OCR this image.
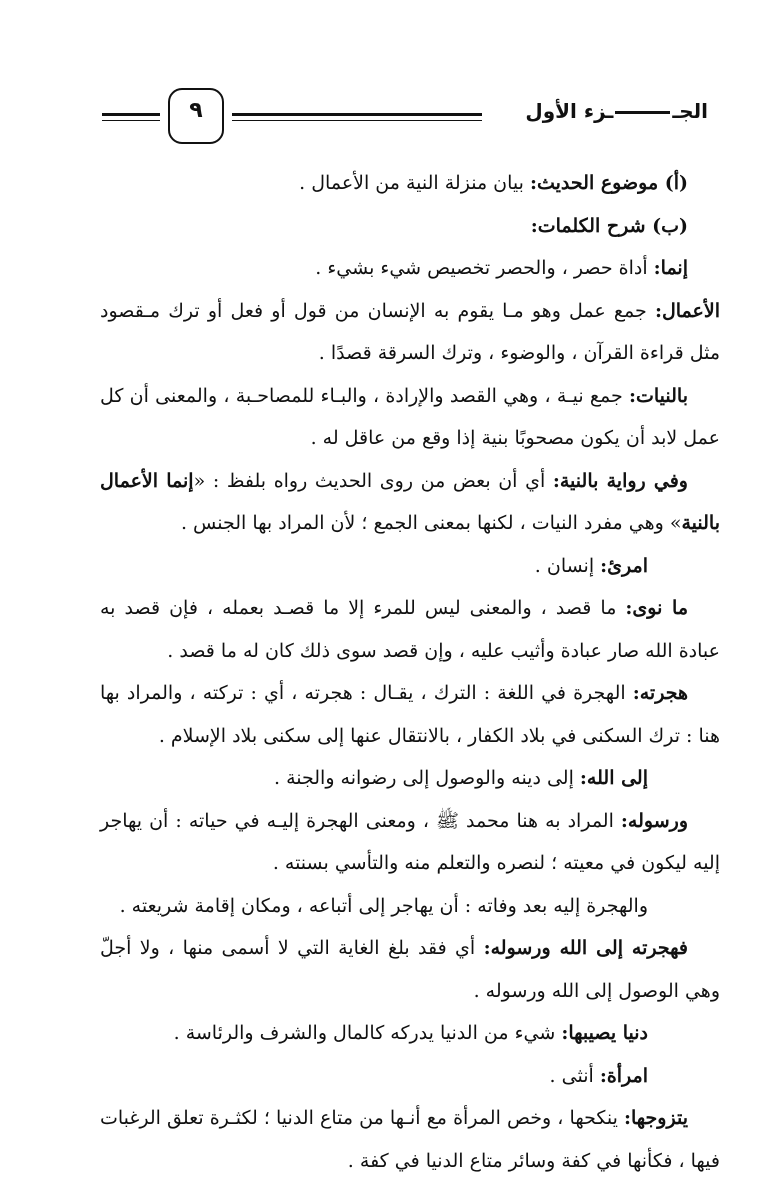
الجــزء الأول
٩

(أ) موضوع الحديث: بيان منزلة النية من الأعمال .

(ب) شرح الكلمات:

إنما: أداة حصر ، والحصر تخصيص شيء بشيء .

الأعمال: جمع عمل وهو مـا يقوم به الإنسان من قول أو فعل أو ترك مـقصود مثل قراءة القرآن ، والوضوء ، وترك السرقة قصدًا .

بالنيات: جمع نيـة ، وهي القصد والإرادة ، والبـاء للمصاحـبة ، والمعنى أن كل عمل لابد أن يكون مصحوبًا بنية إذا وقع من عاقل له .

وفي رواية بالنية: أي أن بعض من روى الحديث رواه بلفظ : «إنما الأعمال بالنية» وهي مفرد النيات ، لكنها بمعنى الجمع ؛ لأن المراد بها الجنس .

امرئ: إنسان .

ما نوى: ما قصد ، والمعنى ليس للمرء إلا ما قصـد بعمله ، فإن قصد به عبادة الله صار عبادة وأثيب عليه ، وإن قصد سوى ذلك كان له ما قصد .

هجرته: الهجرة في اللغة : الترك ، يقـال : هجرته ، أي : تركته ، والمراد بها هنا : ترك السكنى في بلاد الكفار ، بالانتقال عنها إلى سكنى بلاد الإسلام .

إلى الله: إلى دينه والوصول إلى رضوانه والجنة .

ورسوله: المراد به هنا محمد ﷺ ، ومعنى الهجرة إليـه في حياته : أن يهاجر إليه ليكون في معيته ؛ لنصره والتعلم منه والتأسي بسنته .

والهجرة إليه بعد وفاته : أن يهاجر إلى أتباعه ، ومكان إقامة شريعته .

فهجرته إلى الله ورسوله: أي فقد بلغ الغاية التي لا أسمى منها ، ولا أجلّ وهي الوصول إلى الله ورسوله .

دنيا يصيبها: شيء من الدنيا يدركه كالمال والشرف والرئاسة .

امرأة: أنثى .

يتزوجها: ينكحها ، وخص المرأة مع أنـها من متاع الدنيا ؛ لكثـرة تعلق الرغبات فيها ، فكأنها في كفة وسائر متاع الدنيا في كفة .
